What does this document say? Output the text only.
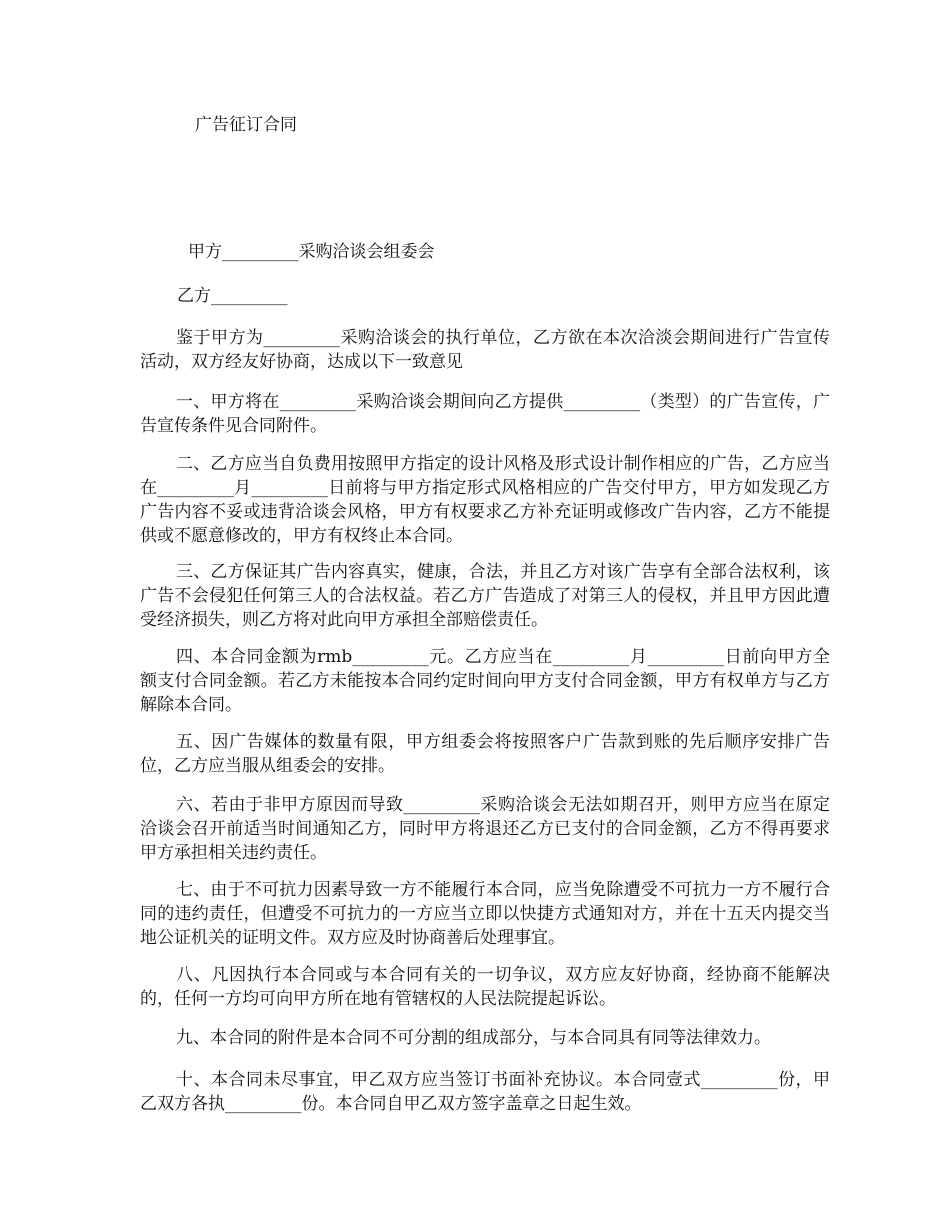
广告征订合同
甲方_________采购洽谈会组委会
乙方_________

鉴于甲方为_________采购洽谈会的执行单位，乙方欲在本次洽淡会期间进行广告宣传活动，双方经友好协商，达成以下一致意见

一、甲方将在_________采购洽谈会期间向乙方提供_________（类型）的广告宣传，广告宣传条件见合同附件。

二、乙方应当自负费用按照甲方指定的设计风格及形式设计制作相应的广告，乙方应当在_________月_________日前将与甲方指定形式风格相应的广告交付甲方，甲方如发现乙方广告内容不妥或违背洽谈会风格，甲方有权要求乙方补充证明或修改广告内容，乙方不能提供或不愿意修改的，甲方有权终止本合同。

三、乙方保证其广告内容真实，健康，合法，并且乙方对该广告享有全部合法权利，该广告不会侵犯任何第三人的合法权益。若乙方广告造成了对第三人的侵权，并且甲方因此遭受经济损失，则乙方将对此向甲方承担全部赔偿责任。

四、本合同金额为rmb_________元。乙方应当在_________月_________日前向甲方全额支付合同金额。若乙方未能按本合同约定时间向甲方支付合同金额，甲方有权单方与乙方解除本合同。

五、因广告媒体的数量有限，甲方组委会将按照客户广告款到账的先后顺序安排广告位，乙方应当服从组委会的安排。

六、若由于非甲方原因而导致_________采购洽谈会无法如期召开，则甲方应当在原定洽谈会召开前适当时间通知乙方，同时甲方将退还乙方已支付的合同金额，乙方不得再要求甲方承担相关违约责任。

七、由于不可抗力因素导致一方不能履行本合同，应当免除遭受不可抗力一方不履行合同的违约责任，但遭受不可抗力的一方应当立即以快捷方式通知对方，并在十五天内提交当地公证机关的证明文件。双方应及时协商善后处理事宜。

八、凡因执行本合同或与本合同有关的一切争议，双方应友好协商，经协商不能解决的，任何一方均可向甲方所在地有管辖权的人民法院提起诉讼。

九、本合同的附件是本合同不可分割的组成部分，与本合同具有同等法律效力。

十、本合同未尽事宜，甲乙双方应当签订书面补充协议。本合同壹式_________份，甲乙双方各执_________份。本合同自甲乙双方签字盖章之日起生效。
